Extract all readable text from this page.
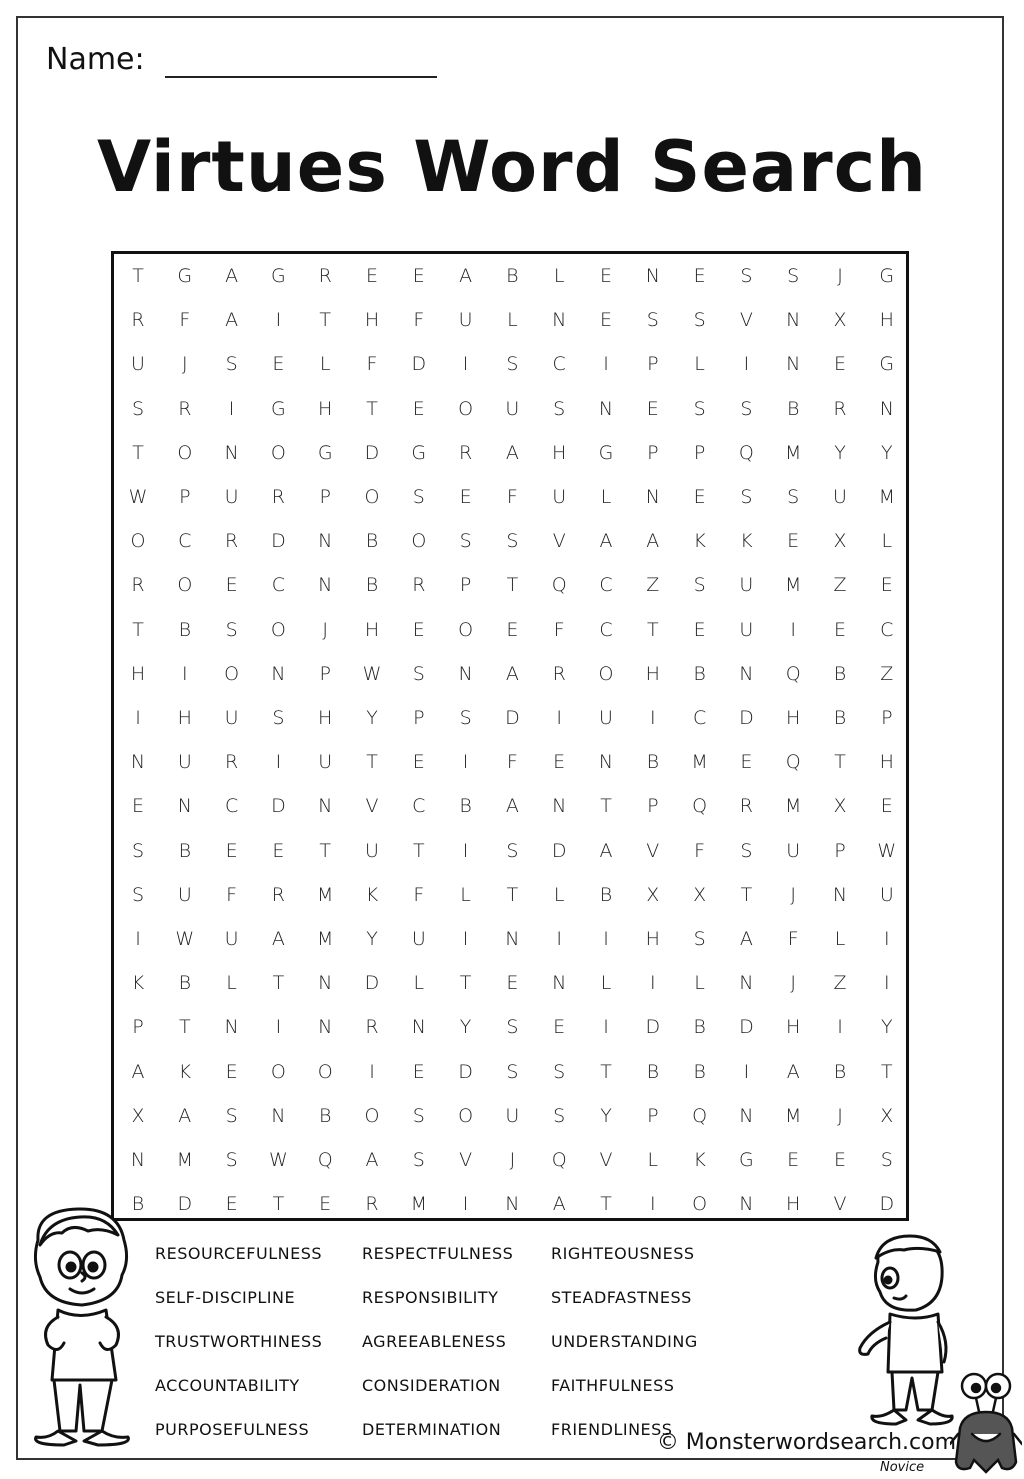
Name:
Virtues Word Search
T	G	A	G	R	E	E	A	B	L	E	N	E	S	S	J	G
R	F	A	I	T	H	F	U	L	N	E	S	S	V	N	X	H
U	J	S	E	L	F	D	I	S	C	I	P	L	I	N	E	G
S	R	I	G	H	T	E	O	U	S	N	E	S	S	B	R	N
T	O	N	O	G	D	G	R	A	H	G	P	P	Q	M	Y	Y
W	P	U	R	P	O	S	E	F	U	L	N	E	S	S	U	M
O	C	R	D	N	B	O	S	S	V	A	A	K	K	E	X	L
R	O	E	C	N	B	R	P	T	Q	C	Z	S	U	M	Z	E
T	B	S	O	J	H	E	O	E	F	C	T	E	U	I	E	C
H	I	O	N	P	W	S	N	A	R	O	H	B	N	Q	B	Z
I	H	U	S	H	Y	P	S	D	I	U	I	C	D	H	B	P
N	U	R	I	U	T	E	I	F	E	N	B	M	E	Q	T	H
E	N	C	D	N	V	C	B	A	N	T	P	Q	R	M	X	E
S	B	E	E	T	U	T	I	S	D	A	V	F	S	U	P	W
S	U	F	R	M	K	F	L	T	L	B	X	X	T	J	N	U
I	W	U	A	M	Y	U	I	N	I	I	H	S	A	F	L	I
K	B	L	T	N	D	L	T	E	N	L	I	L	N	J	Z	I
P	T	N	I	N	R	N	Y	S	E	I	D	B	D	H	I	Y
A	K	E	O	O	I	E	D	S	S	T	B	B	I	A	B	T
X	A	S	N	B	O	S	O	U	S	Y	P	Q	N	M	J	X
N	M	S	W	Q	A	S	V	J	Q	V	L	K	G	E	E	S
B	D	E	T	E	R	M	I	N	A	T	I	O	N	H	V	D
RESOURCEFULNESS RESPECTFULNESS RIGHTEOUSNESS
SELF-DISCIPLINE	RESPONSIBILITY	STEADFASTNESS
TRUSTWORTHINESS AGREEABLENESS	UNDERSTANDING
ACCOUNTABILITY	CONSIDERATION	FAITHFULNESS
PURPOSEFULNESS	DETERMINATION	FRIENDLINESS
© Monsterwordsearch.com
Novice
